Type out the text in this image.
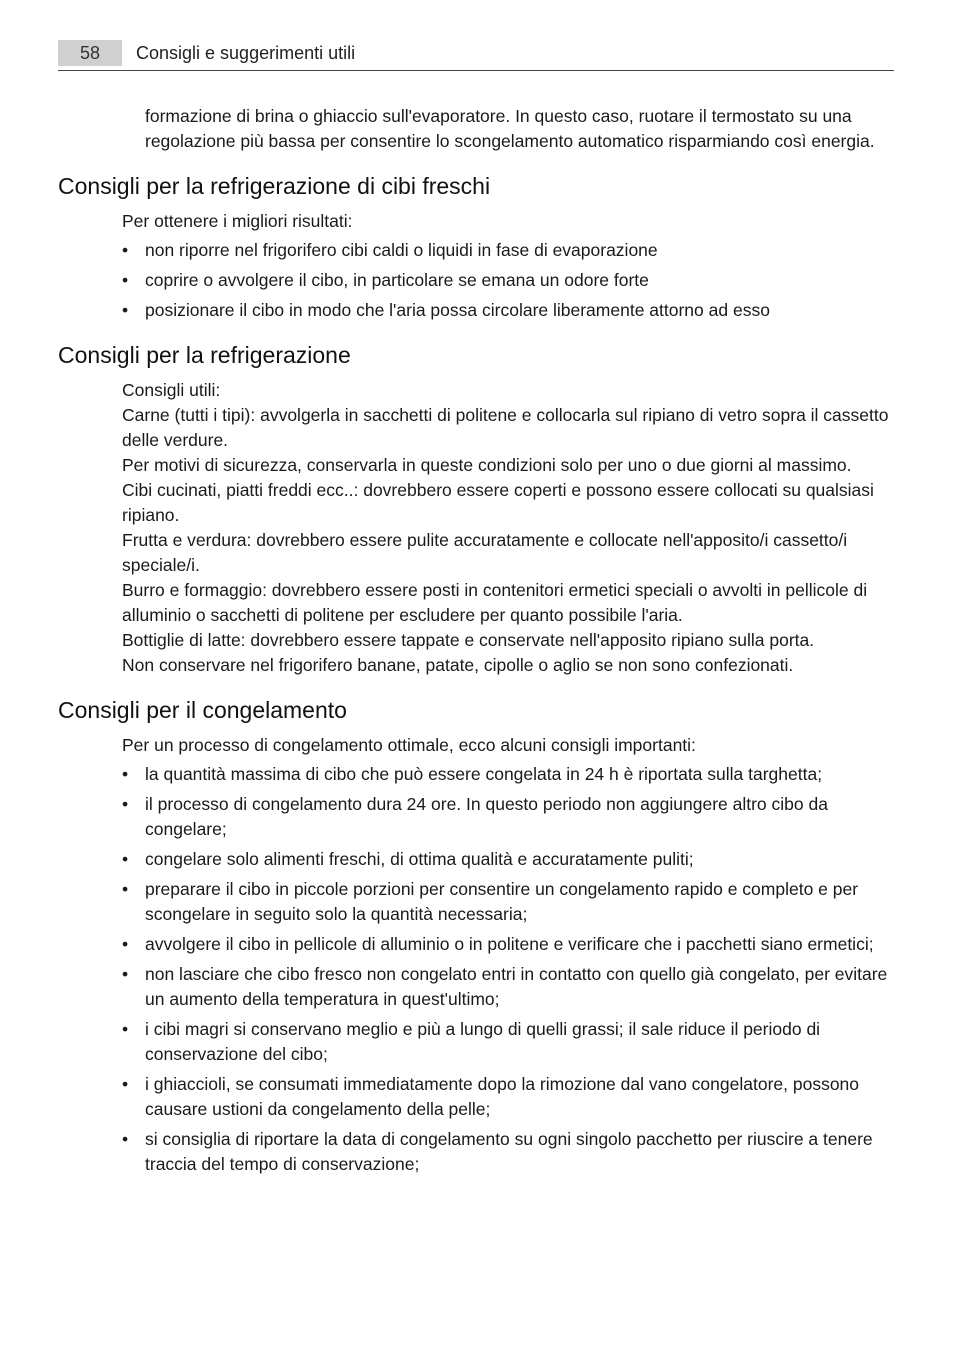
58	Consigli e suggerimenti utili

formazione di brina o ghiaccio sull'evaporatore. In questo caso, ruotare il termostato su una regolazione più bassa per consentire lo scongelamento automatico risparmiando così energia.

Consigli per la refrigerazione di cibi freschi

Per ottenere i migliori risultati:

• non riporre nel frigorifero cibi caldi o liquidi in fase di evaporazione
• coprire o avvolgere il cibo, in particolare se emana un odore forte
• posizionare il cibo in modo che l'aria possa circolare liberamente attorno ad esso
Consigli per la refrigerazione

Consigli utili:

Carne (tutti i tipi): avvolgerla in sacchetti di politene e collocarla sul ripiano di vetro sopra il cassetto delle verdure.

Per motivi di sicurezza, conservarla in queste condizioni solo per uno o due giorni al massimo.

Cibi cucinati, piatti freddi ecc..: dovrebbero essere coperti e possono essere collocati su qualsiasi ripiano.

Frutta e verdura: dovrebbero essere pulite accuratamente e collocate nell'apposito/i cassetto/i speciale/i.

Burro e formaggio: dovrebbero essere posti in contenitori ermetici speciali o avvolti in pellicole di alluminio o sacchetti di politene per escludere per quanto possibile l'aria.

Bottiglie di latte: dovrebbero essere tappate e conservate nell'apposito ripiano sulla porta.

Non conservare nel frigorifero banane, patate, cipolle o aglio se non sono confezionati.

Consigli per il congelamento

Per un processo di congelamento ottimale, ecco alcuni consigli importanti:

• la quantità massima di cibo che può essere congelata in 24 h è riportata sulla targhetta;
• il processo di congelamento dura 24 ore. In questo periodo non aggiungere altro cibo da congelare;
• congelare solo alimenti freschi, di ottima qualità e accuratamente puliti;
• preparare il cibo in piccole porzioni per consentire un congelamento rapido e completo e per scongelare in seguito solo la quantità necessaria;
• avvolgere il cibo in pellicole di alluminio o in politene e verificare che i pacchetti siano ermetici;
• non lasciare che cibo fresco non congelato entri in contatto con quello già congelato, per evitare un aumento della temperatura in quest'ultimo;
• i cibi magri si conservano meglio e più a lungo di quelli grassi; il sale riduce il periodo di conservazione del cibo;
• i ghiaccioli, se consumati immediatamente dopo la rimozione dal vano congelatore, possono causare ustioni da congelamento della pelle;
• si consiglia di riportare la data di congelamento su ogni singolo pacchetto per riuscire a tenere traccia del tempo di conservazione;
